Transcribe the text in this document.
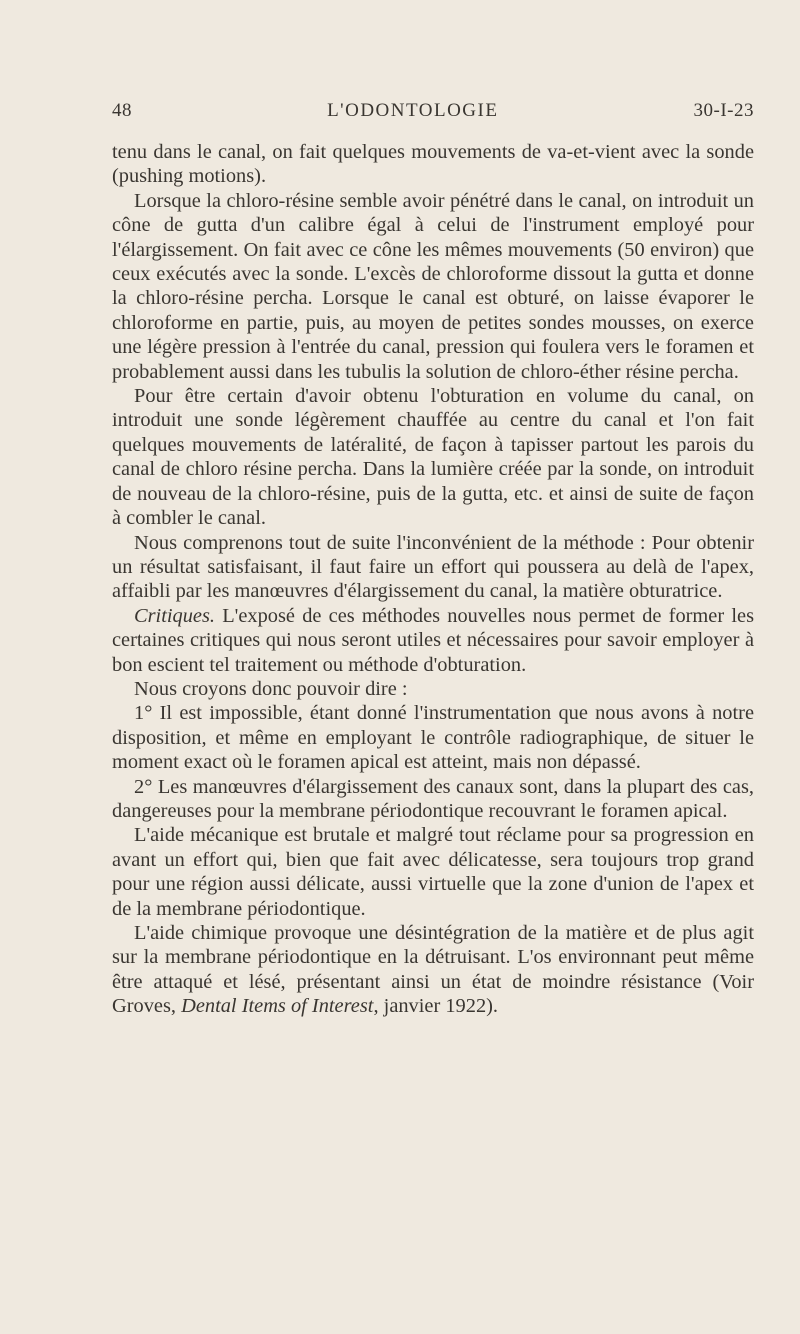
48	L'ODONTOLOGIE	30-I-23

tenu dans le canal, on fait quelques mouvements de va-et-vient avec la sonde (pushing motions).

Lorsque la chloro-résine semble avoir pénétré dans le canal, on introduit un cône de gutta d'un calibre égal à celui de l'instrument employé pour l'élargissement. On fait avec ce cône les mêmes mouvements (50 environ) que ceux exécutés avec la sonde. L'excès de chloroforme dissout la gutta et donne la chloro-résine percha. Lorsque le canal est obturé, on laisse évaporer le chloroforme en partie, puis, au moyen de petites sondes mousses, on exerce une légère pression à l'entrée du canal, pression qui foulera vers le foramen et probablement aussi dans les tubulis la solution de chloro-éther résine percha.

Pour être certain d'avoir obtenu l'obturation en volume du canal, on introduit une sonde légèrement chauffée au centre du canal et l'on fait quelques mouvements de latéralité, de façon à tapisser partout les parois du canal de chloro résine percha. Dans la lumière créée par la sonde, on introduit de nouveau de la chloro-résine, puis de la gutta, etc. et ainsi de suite de façon à combler le canal.

Nous comprenons tout de suite l'inconvénient de la méthode : Pour obtenir un résultat satisfaisant, il faut faire un effort qui poussera au delà de l'apex, affaibli par les manœuvres d'élargissement du canal, la matière obturatrice.

Critiques. L'exposé de ces méthodes nouvelles nous permet de former les certaines critiques qui nous seront utiles et nécessaires pour savoir employer à bon escient tel traitement ou méthode d'obturation.

Nous croyons donc pouvoir dire :

1° Il est impossible, étant donné l'instrumentation que nous avons à notre disposition, et même en employant le contrôle radiographique, de situer le moment exact où le foramen apical est atteint, mais non dépassé.

2° Les manœuvres d'élargissement des canaux sont, dans la plupart des cas, dangereuses pour la membrane périodontique recouvrant le foramen apical.

L'aide mécanique est brutale et malgré tout réclame pour sa progression en avant un effort qui, bien que fait avec délicatesse, sera toujours trop grand pour une région aussi délicate, aussi virtuelle que la zone d'union de l'apex et de la membrane périodontique.

L'aide chimique provoque une désintégration de la matière et de plus agit sur la membrane périodontique en la détruisant. L'os environnant peut même être attaqué et lésé, présentant ainsi un état de moindre résistance (Voir Groves, Dental Items of Interest, janvier 1922).
